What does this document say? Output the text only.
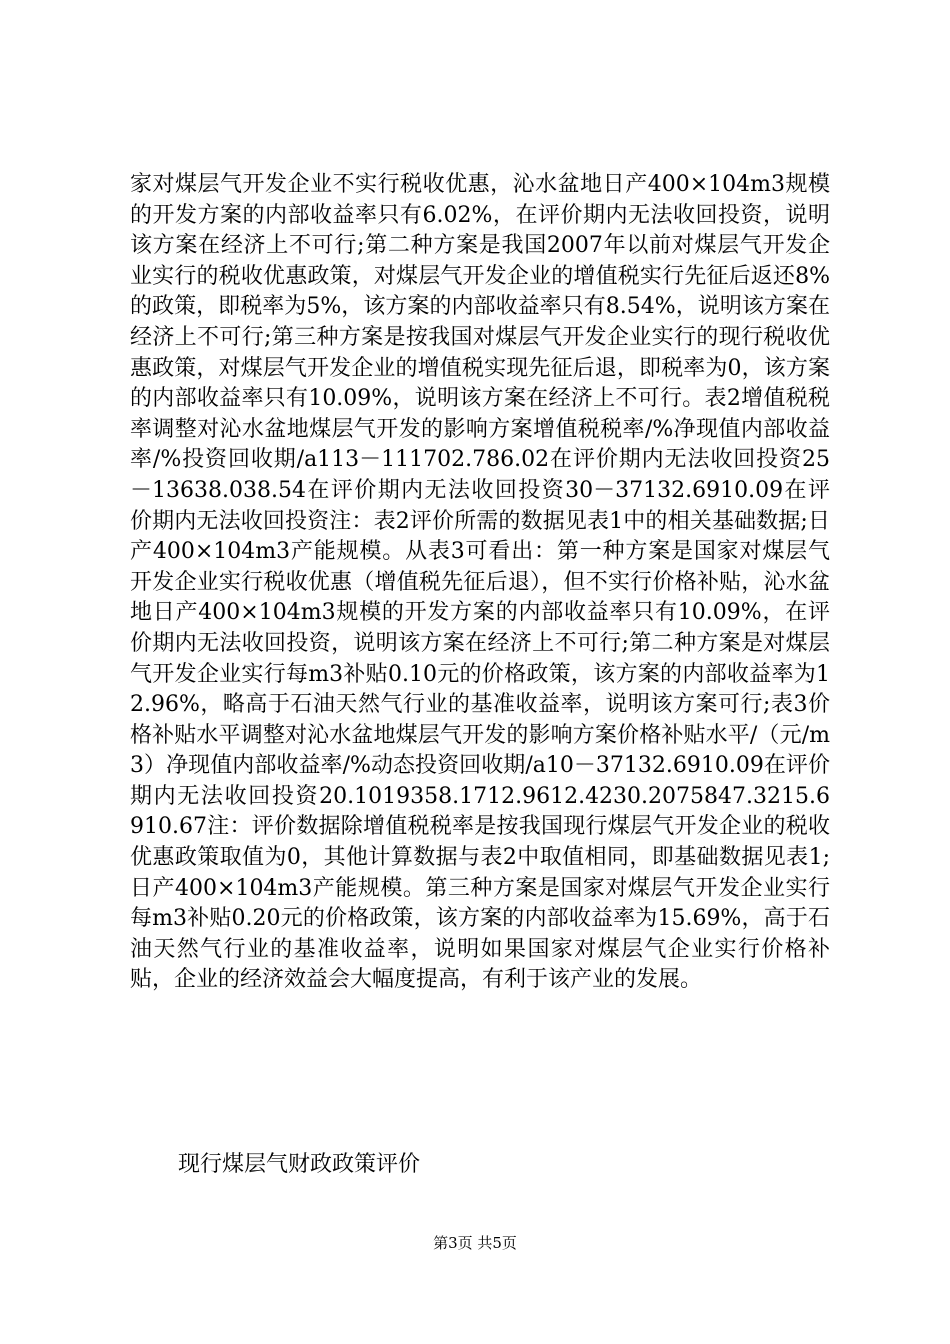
家对煤层气开发企业不实行税收优惠，沁水盆地日产400×104m3规模的开发方案的内部收益率只有6.02%，在评价期内无法收回投资，说明该方案在经济上不可行;第二种方案是我国2007年以前对煤层气开发企业实行的税收优惠政策，对煤层气开发企业的增值税实行先征后返还8%的政策，即税率为5%，该方案的内部收益率只有8.54%，说明该方案在经济上不可行;第三种方案是按我国对煤层气开发企业实行的现行税收优惠政策，对煤层气开发企业的增值税实现先征后退，即税率为0，该方案的内部收益率只有10.09%，说明该方案在经济上不可行。表2增值税税率调整对沁水盆地煤层气开发的影响方案增值税税率/%净现值内部收益率/%投资回收期/a113－111702.786.02在评价期内无法收回投资25－13638.038.54在评价期内无法收回投资30－37132.6910.09在评价期内无法收回投资注：表2评价所需的数据见表1中的相关基础数据;日产400×104m3产能规模。从表3可看出：第一种方案是国家对煤层气开发企业实行税收优惠（增值税先征后退），但不实行价格补贴，沁水盆地日产400×104m3规模的开发方案的内部收益率只有10.09%，在评价期内无法收回投资，说明该方案在经济上不可行;第二种方案是对煤层气开发企业实行每m3补贴0.10元的价格政策，该方案的内部收益率为12.96%，略高于石油天然气行业的基准收益率，说明该方案可行;表3价格补贴水平调整对沁水盆地煤层气开发的影响方案价格补贴水平/（元/m3）净现值内部收益率/%动态投资回收期/a10－37132.6910.09在评价期内无法收回投资20.1019358.1712.9612.4230.2075847.3215.6910.67注：评价数据除增值税税率是按我国现行煤层气开发企业的税收优惠政策取值为0，其他计算数据与表2中取值相同，即基础数据见表1;日产400×104m3产能规模。第三种方案是国家对煤层气开发企业实行每m3补贴0.20元的价格政策，该方案的内部收益率为15.69%，高于石油天然气行业的基准收益率，说明如果国家对煤层气企业实行价格补贴，企业的经济效益会大幅度提高，有利于该产业的发展。

现行煤层气财政政策评价

第3页 共5页
